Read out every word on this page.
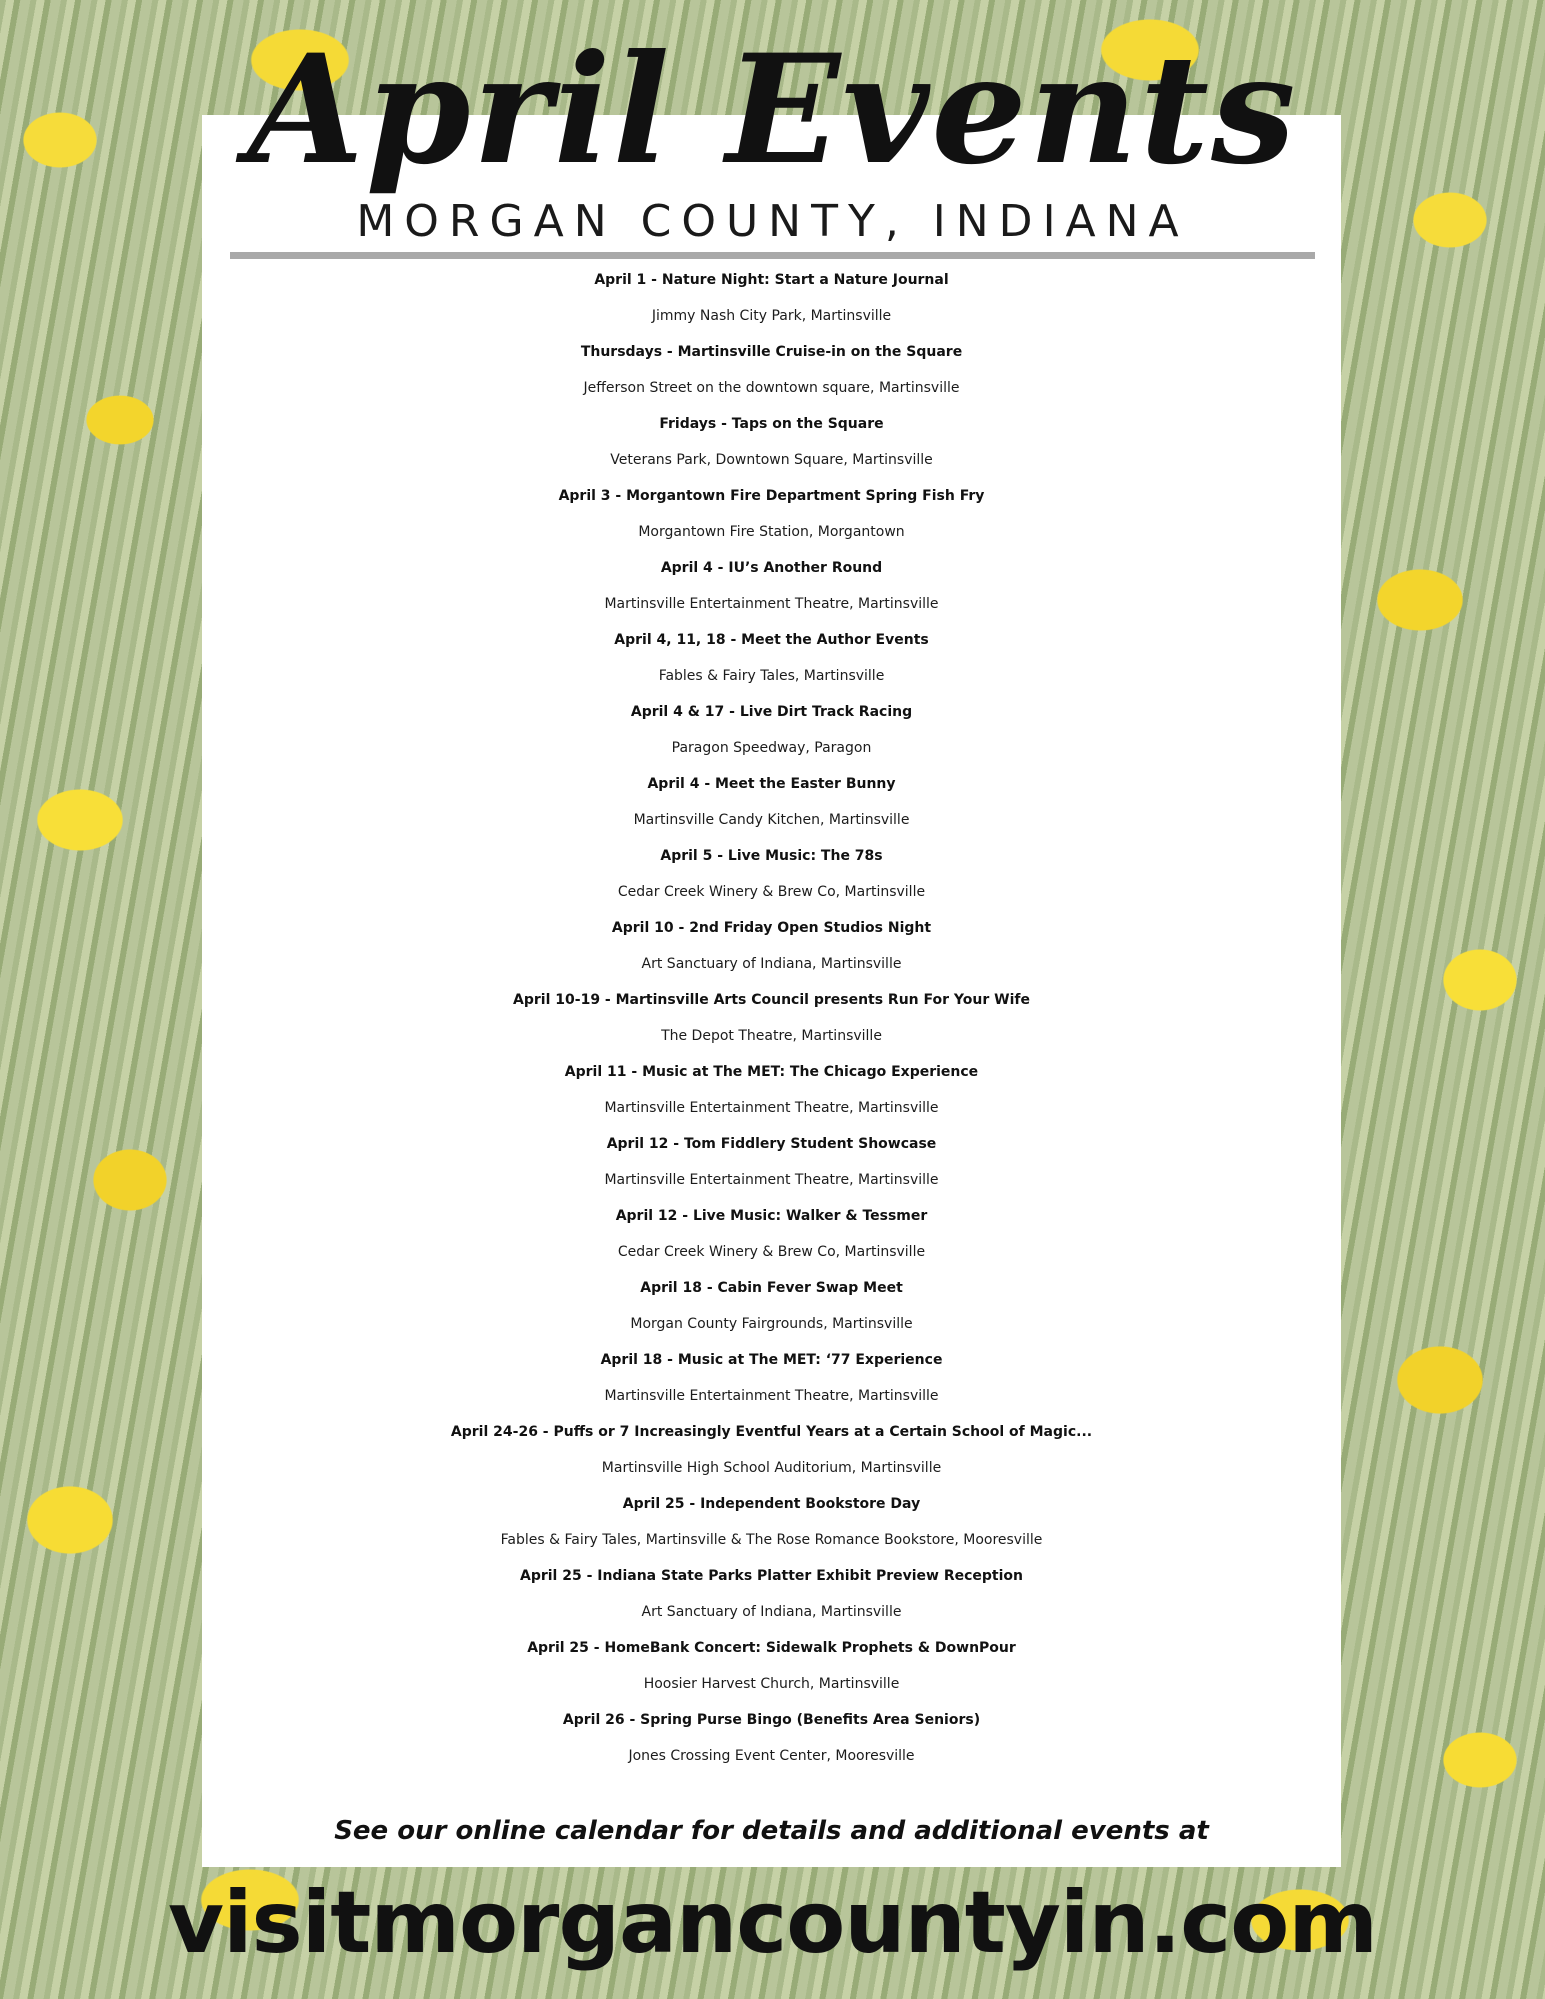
April Events
MORGAN COUNTY, INDIANA
April 1 - Nature Night: Start a Nature Journal
Jimmy Nash City Park, Martinsville
Thursdays - Martinsville Cruise-in on the Square
Jefferson Street on the downtown square, Martinsville
Fridays - Taps on the Square
Veterans Park, Downtown Square, Martinsville
April 3 - Morgantown Fire Department Spring Fish Fry
Morgantown Fire Station, Morgantown
April 4 - IU’s Another Round
Martinsville Entertainment Theatre, Martinsville
April 4, 11, 18 - Meet the Author Events
Fables & Fairy Tales, Martinsville
April 4 & 17 - Live Dirt Track Racing
Paragon Speedway, Paragon
April 4 - Meet the Easter Bunny
Martinsville Candy Kitchen, Martinsville
April 5 - Live Music: The 78s
Cedar Creek Winery & Brew Co, Martinsville
April 10 - 2nd Friday Open Studios Night
Art Sanctuary of Indiana, Martinsville
April 10-19 - Martinsville Arts Council presents Run For Your Wife
The Depot Theatre, Martinsville
April 11 - Music at The MET: The Chicago Experience
Martinsville Entertainment Theatre, Martinsville
April 12 - Tom Fiddlery Student Showcase
Martinsville Entertainment Theatre, Martinsville
April 12 - Live Music: Walker & Tessmer
Cedar Creek Winery & Brew Co, Martinsville
April 18 - Cabin Fever Swap Meet
Morgan County Fairgrounds, Martinsville
April 18 - Music at The MET: ‘77 Experience
Martinsville Entertainment Theatre, Martinsville
April 24-26 - Puffs or 7 Increasingly Eventful Years at a Certain School of Magic...
Martinsville High School Auditorium, Martinsville
April 25 - Independent Bookstore Day
Fables & Fairy Tales, Martinsville & The Rose Romance Bookstore, Mooresville
April 25 - Indiana State Parks Platter Exhibit Preview Reception
Art Sanctuary of Indiana, Martinsville
April 25 - HomeBank Concert: Sidewalk Prophets & DownPour
Hoosier Harvest Church, Martinsville
April 26 - Spring Purse Bingo (Benefits Area Seniors)
Jones Crossing Event Center, Mooresville
See our online calendar for details and additional events at
visitmorgancountyin.com
